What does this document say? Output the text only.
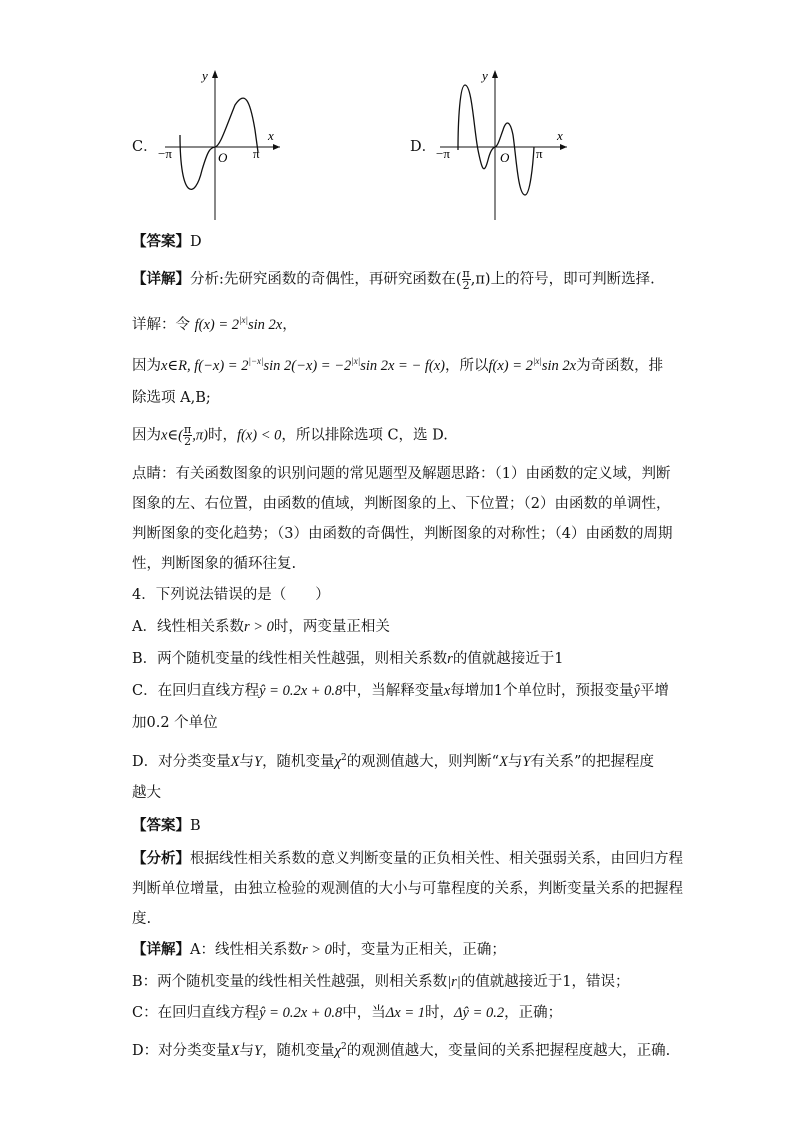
C．
y
x
O
−π	π	D．
y
x
O
−π	π
【答案】D
【详解】分析:先研究函数的奇偶性，再研究函数在( $\frac{\pi}{2} ,\pi$)上的符号，即可判断选择.
详解：令 $f(x) = 2^{|x|}\sin$ 2x，
因为x∈R, $f(-x) = 2^{|-x|}\sin$ $2(-x) = -2^{|x|}\sin$ 2x = − f(x)，所以$f(x) = 2^{|x|}\sin$ 2x为奇函数，排
除选项 A,B;
因为x∈( $\frac{\pi}{2} ,\pi$)时，f(x) < 0，所以排除选项 C，选 D.
点睛：有关函数图象的识别问题的常见题型及解题思路：（1）由函数的定义域，判断
图象的左、右位置，由函数的值域，判断图象的上、下位置；（2）由函数的单调性，
判断图象的变化趋势；（3）由函数的奇偶性，判断图象的对称性；（4）由函数的周期
性，判断图象的循环往复.
4．下列说法错误的是（　　）
A．线性相关系数r > 0时，两变量正相关
B．两个随机变量的线性相关性越强，则相关系数r的值就越接近于1
C．在回归直线方程ŷ = 0.2x + 0.8中，当解释变量x每增加1个单位时，预报变量ŷ平增
加0.2 个单位
D．对分类变量X与Y，随机变量$\chi^2$的观测值越大，则判断“X与Y有关系”的把握程度
越大
【答案】B
【分析】根据线性相关系数的意义判断变量的正负相关性、相关强弱关系，由回归方程
判断单位增量，由独立检验的观测值的大小与可靠程度的关系，判断变量关系的把握程
度.
【详解】A：线性相关系数r > 0时，变量为正相关，正确；
B：两个随机变量的线性相关性越强，则相关系数|r|的值就越接近于1，错误；
C：在回归直线方程ŷ = 0.2x + 0.8中，当Δx = 1时，Δŷ = 0.2，正确；
D：对分类变量X与Y，随机变量$\chi^2$的观测值越大，变量间的关系把握程度越大，正确.
